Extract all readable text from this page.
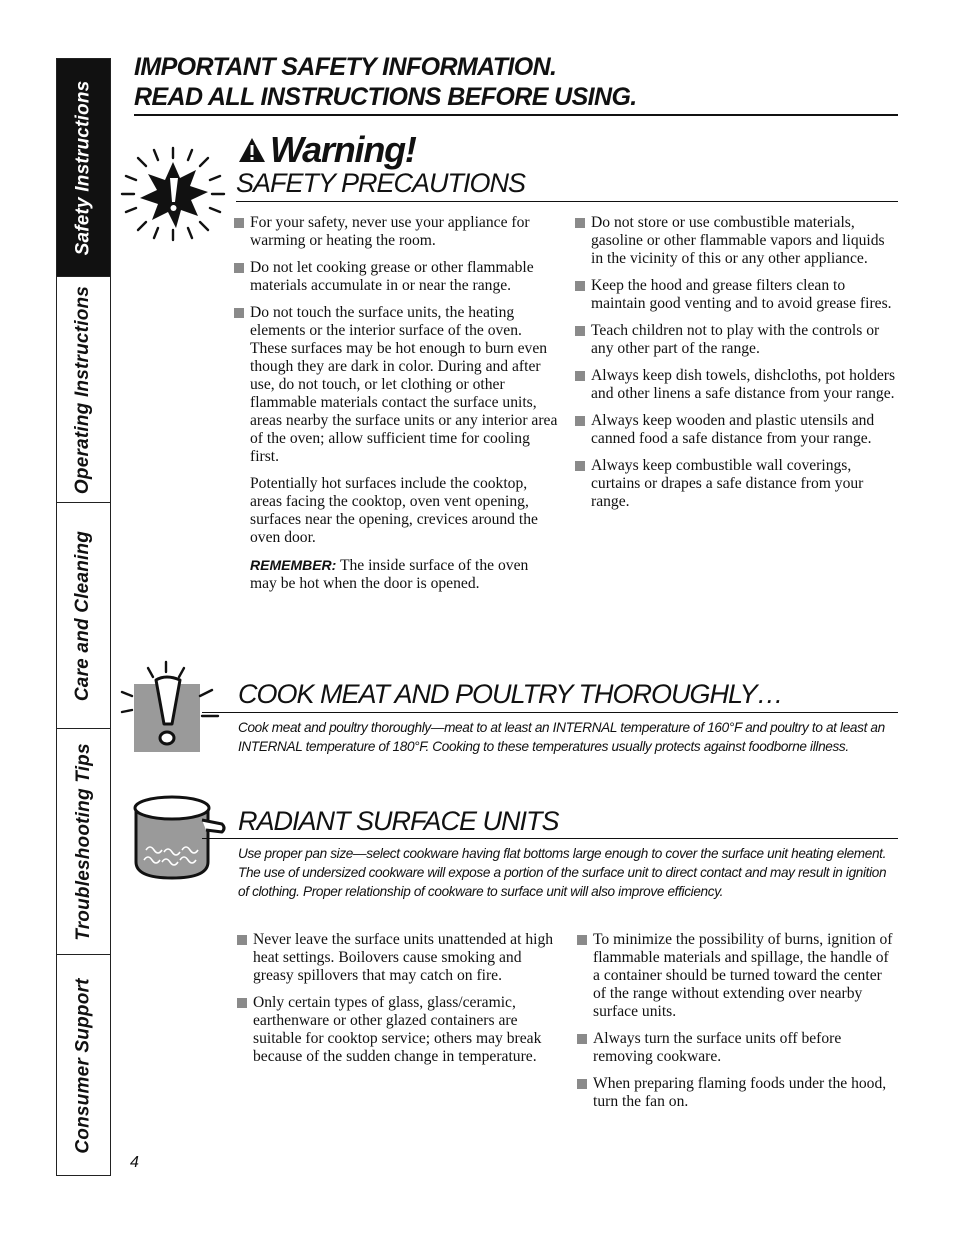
Safety Instructions
Operating Instructions
Care and Cleaning
Troubleshooting Tips
Consumer Support
IMPORTANT SAFETY INFORMATION.
READ ALL INSTRUCTIONS BEFORE USING.
Warning!
SAFETY PRECAUTIONS
For your safety, never use your appliance for warming or heating the room.
Do not let cooking grease or other flammable materials accumulate in or near the range.
Do not touch the surface units, the heating elements or the interior surface of the oven. These surfaces may be hot enough to burn even though they are dark in color. During and after use, do not touch, or let clothing or other flammable materials contact the surface units, areas nearby the surface units or any interior area of the oven; allow sufficient time for cooling first.
Potentially hot surfaces include the cooktop, areas facing the cooktop, oven vent opening, surfaces near the opening, crevices around the oven door.
REMEMBER: The inside surface of the oven may be hot when the door is opened.
Do not store or use combustible materials, gasoline or other flammable vapors and liquids in the vicinity of this or any other appliance.
Keep the hood and grease filters clean to maintain good venting and to avoid grease fires.
Teach children not to play with the controls or any other part of the range.
Always keep dish towels, dishcloths, pot holders and other linens a safe distance from your range.
Always keep wooden and plastic utensils and canned food a safe distance from your range.
Always keep combustible wall coverings, curtains or drapes a safe distance from your range.
COOK MEAT AND POULTRY THOROUGHLY…

Cook meat and poultry thoroughly—meat to at least an INTERNAL temperature of 160°F and poultry to at least an INTERNAL temperature of 180°F. Cooking to these temperatures usually protects against foodborne illness.

RADIANT SURFACE UNITS

Use proper pan size—select cookware having flat bottoms large enough to cover the surface unit heating element. The use of undersized cookware will expose a portion of the surface unit to direct contact and may result in ignition of clothing. Proper relationship of cookware to surface unit will also improve efficiency.

Never leave the surface units unattended at high heat settings. Boilovers cause smoking and greasy spillovers that may catch on fire.
Only certain types of glass, glass/ceramic, earthenware or other glazed containers are suitable for cooktop service; others may break because of the sudden change in temperature.
To minimize the possibility of burns, ignition of flammable materials and spillage, the handle of a container should be turned toward the center of the range without extending over nearby surface units.
Always turn the surface units off before removing cookware.
When preparing flaming foods under the hood, turn the fan on.
4
